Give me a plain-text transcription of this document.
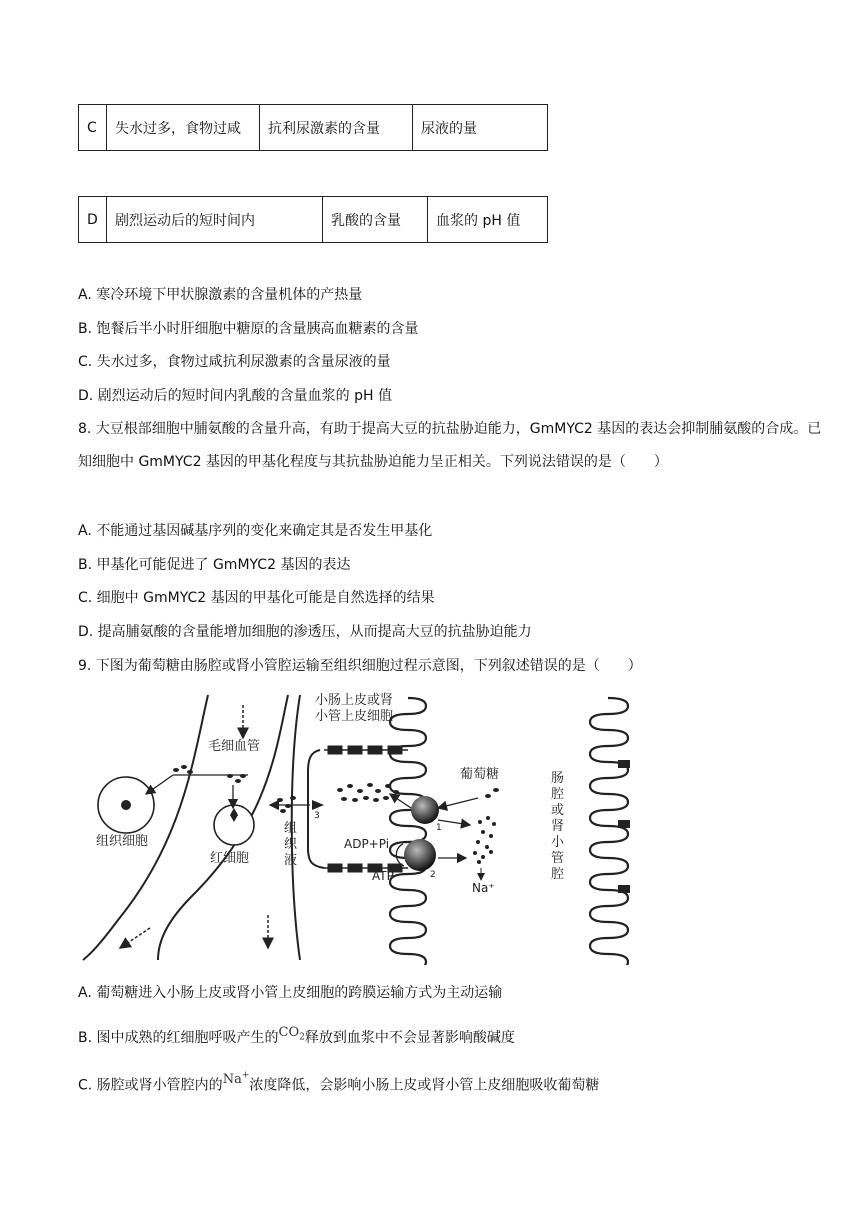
C	失水过多，食物过咸	抗利尿激素的含量	尿液的量
D	剧烈运动后的短时间内	乳酸的含量	血浆的 pH 值
A. 寒冷环境下甲状腺激素的含量机体的产热量
B. 饱餐后半小时肝细胞中糖原的含量胰高血糖素的含量
C. 失水过多，食物过咸抗利尿激素的含量尿液的量
D. 剧烈运动后的短时间内乳酸的含量血浆的 pH 值
8. 大豆根部细胞中脯氨酸的含量升高，有助于提高大豆的抗盐胁迫能力，GmMYC2 基因的表达会抑制脯氨酸的合成。已知细胞中 GmMYC2 基因的甲基化程度与其抗盐胁迫能力呈正相关。下列说法错误的是（　　）
A. 不能通过基因碱基序列的变化来确定其是否发生甲基化
B. 甲基化可能促进了 GmMYC2 基因的表达
C. 细胞中 GmMYC2 基因的甲基化可能是自然选择的结果
D. 提高脯氨酸的含量能增加细胞的渗透压，从而提高大豆的抗盐胁迫能力
9. 下图为葡萄糖由肠腔或肾小管腔运输至组织细胞过程示意图，下列叙述错误的是（　　）
小肠上皮或肾
小管上皮细胞
毛细血管
葡萄糖
组织细胞
红细胞
组
织
液
ADP+Pi
ATP
Na⁺
1
2
3
肠
腔
或
肾
小
管
腔
A. 葡萄糖进入小肠上皮或肾小管上皮细胞的跨膜运输方式为主动运输
B. 图中成熟的红细胞呼吸产生的$CO_2$释放到血浆中不会显著影响酸碱度
C. 肠腔或肾小管腔内的Na+浓度降低，会影响小肠上皮或肾小管上皮细胞吸收葡萄糖
